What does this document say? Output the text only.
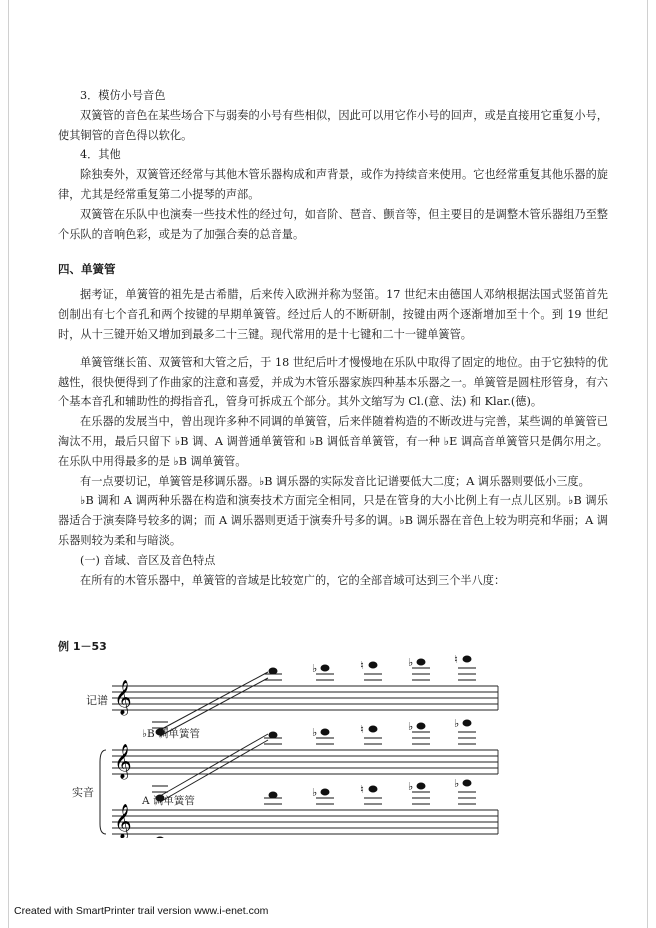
3．模仿小号音色

双簧管的音色在某些场合下与弱奏的小号有些相似，因此可以用它作小号的回声，或是直接用它重复小号，使其铜管的音色得以软化。

4．其他

除独奏外，双簧管还经常与其他木管乐器构成和声背景，或作为持续音来使用。它也经常重复其他乐器的旋律，尤其是经常重复第二小提琴的声部。

双簧管在乐队中也演奏一些技术性的经过句，如音阶、琶音、颤音等，但主要目的是调整木管乐器组乃至整个乐队的音响色彩，或是为了加强合奏的总音量。

四、单簧管

据考证，单簧管的祖先是古希腊，后来传入欧洲并称为竖笛。17 世纪末由德国人邓纳根据法国式竖笛首先创制出有七个音孔和两个按键的早期单簧管。经过后人的不断研制，按键由两个逐渐增加至十个。到 19 世纪时，从十三键开始又增加到最多二十三键。现代常用的是十七键和二十一键单簧管。

单簧管继长笛、双簧管和大管之后，于 18 世纪后叶才慢慢地在乐队中取得了固定的地位。由于它独特的优越性，很快便得到了作曲家的注意和喜爱，并成为木管乐器家族四种基本乐器之一。单簧管是圆柱形管身，有六个基本音孔和辅助性的拇指音孔，管身可拆成五个部分。其外文缩写为 Cl.(意、法) 和 Klar.(德)。

在乐器的发展当中，曾出现许多种不同调的单簧管，后来伴随着构造的不断改进与完善，某些调的单簧管已淘汰不用，最后只留下 ♭B 调、A 调普通单簧管和 ♭B 调低音单簧管，有一种 ♭E 调高音单簧管只是偶尔用之。在乐队中用得最多的是 ♭B 调单簧管。

有一点要切记，单簧管是移调乐器。♭B 调乐器的实际发音比记谱要低大二度；A 调乐器则要低小三度。

♭B 调和 A 调两种乐器在构造和演奏技术方面完全相同，只是在管身的大小比例上有一点儿区别。♭B 调乐器适合于演奏降号较多的调；而 A 调乐器则更适于演奏升号多的调。♭B 调乐器在音色上较为明亮和华丽；A 调乐器则较为柔和与暗淡。

(一) 音域、音区及音色特点

在所有的木管乐器中，单簧管的音域是比较宽广的，它的全部音域可达到三个半八度：

例 1－53
𝄞
𝄞
𝄞
♭	♮	♭	♮
♭	♮	♭	♭
♭	♮	♭	♭
记谱
实音
♭B 调单簧管
A 调单簧管
Created with SmartPrinter trail version www.i-enet.com
